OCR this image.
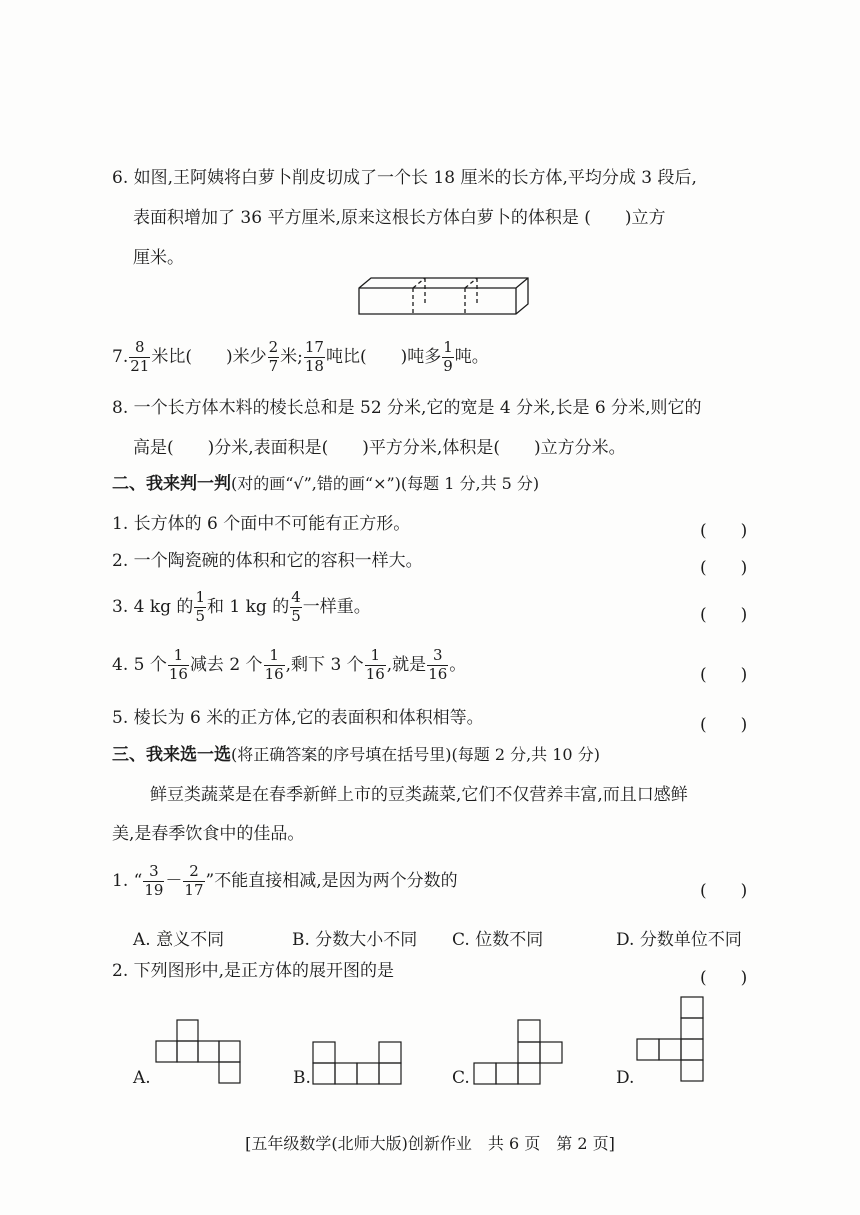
6. 如图,王阿姨将白萝卜削皮切成了一个长 18 厘米的长方体,平均分成 3 段后,
表面积增加了 36 平方厘米,原来这根长方体白萝卜的体积是 (　　)立方
厘米。
7. $\frac{8}{21}$ 米比(　　)米少 $\frac{2}{7}$ 米; $\frac{17}{18}$ 吨比(　　)吨多 $\frac{1}{9}$ 吨。
8. 一个长方体木料的棱长总和是 52 分米,它的宽是 4 分米,长是 6 分米,则它的
高是(　　)分米,表面积是(　　)平方分米,体积是(　　)立方分米。
二、我来判一判(对的画“√”,错的画“×”)(每题 1 分,共 5 分)
1. 长方体的 6 个面中不可能有正方形。	(　　)
2. 一个陶瓷碗的体积和它的容积一样大。	(　　)
3. 4 kg 的 $\frac{1}{5}$ 和 1 kg 的 $\frac{4}{5}$ 一样重。	(　　)
4. 5 个 $\frac{1}{16}$ 减去 2 个 $\frac{1}{16}$ ,剩下 3 个 $\frac{1}{16}$ ,就是 $\frac{3}{16}$ 。
(　　)
5. 棱长为 6 米的正方体,它的表面积和体积相等。	(　　)
三、我来选一选(将正确答案的序号填在括号里)(每题 2 分,共 10 分)
鲜豆类蔬菜是在春季新鲜上市的豆类蔬菜,它们不仅营养丰富,而且口感鲜
美,是春季饮食中的佳品。
1. “ $\frac{3}{19} - \frac{2}{17}$ ”不能直接相减,是因为两个分数的
(　　)
A. 意义不同	B. 分数大小不同 C. 位数不同	D. 分数单位不同
2. 下列图形中,是正方体的展开图的是	(　　)
A.	B.	C.	D.
[五年级数学(北师大版)创新作业　共 6 页　第 2 页]
